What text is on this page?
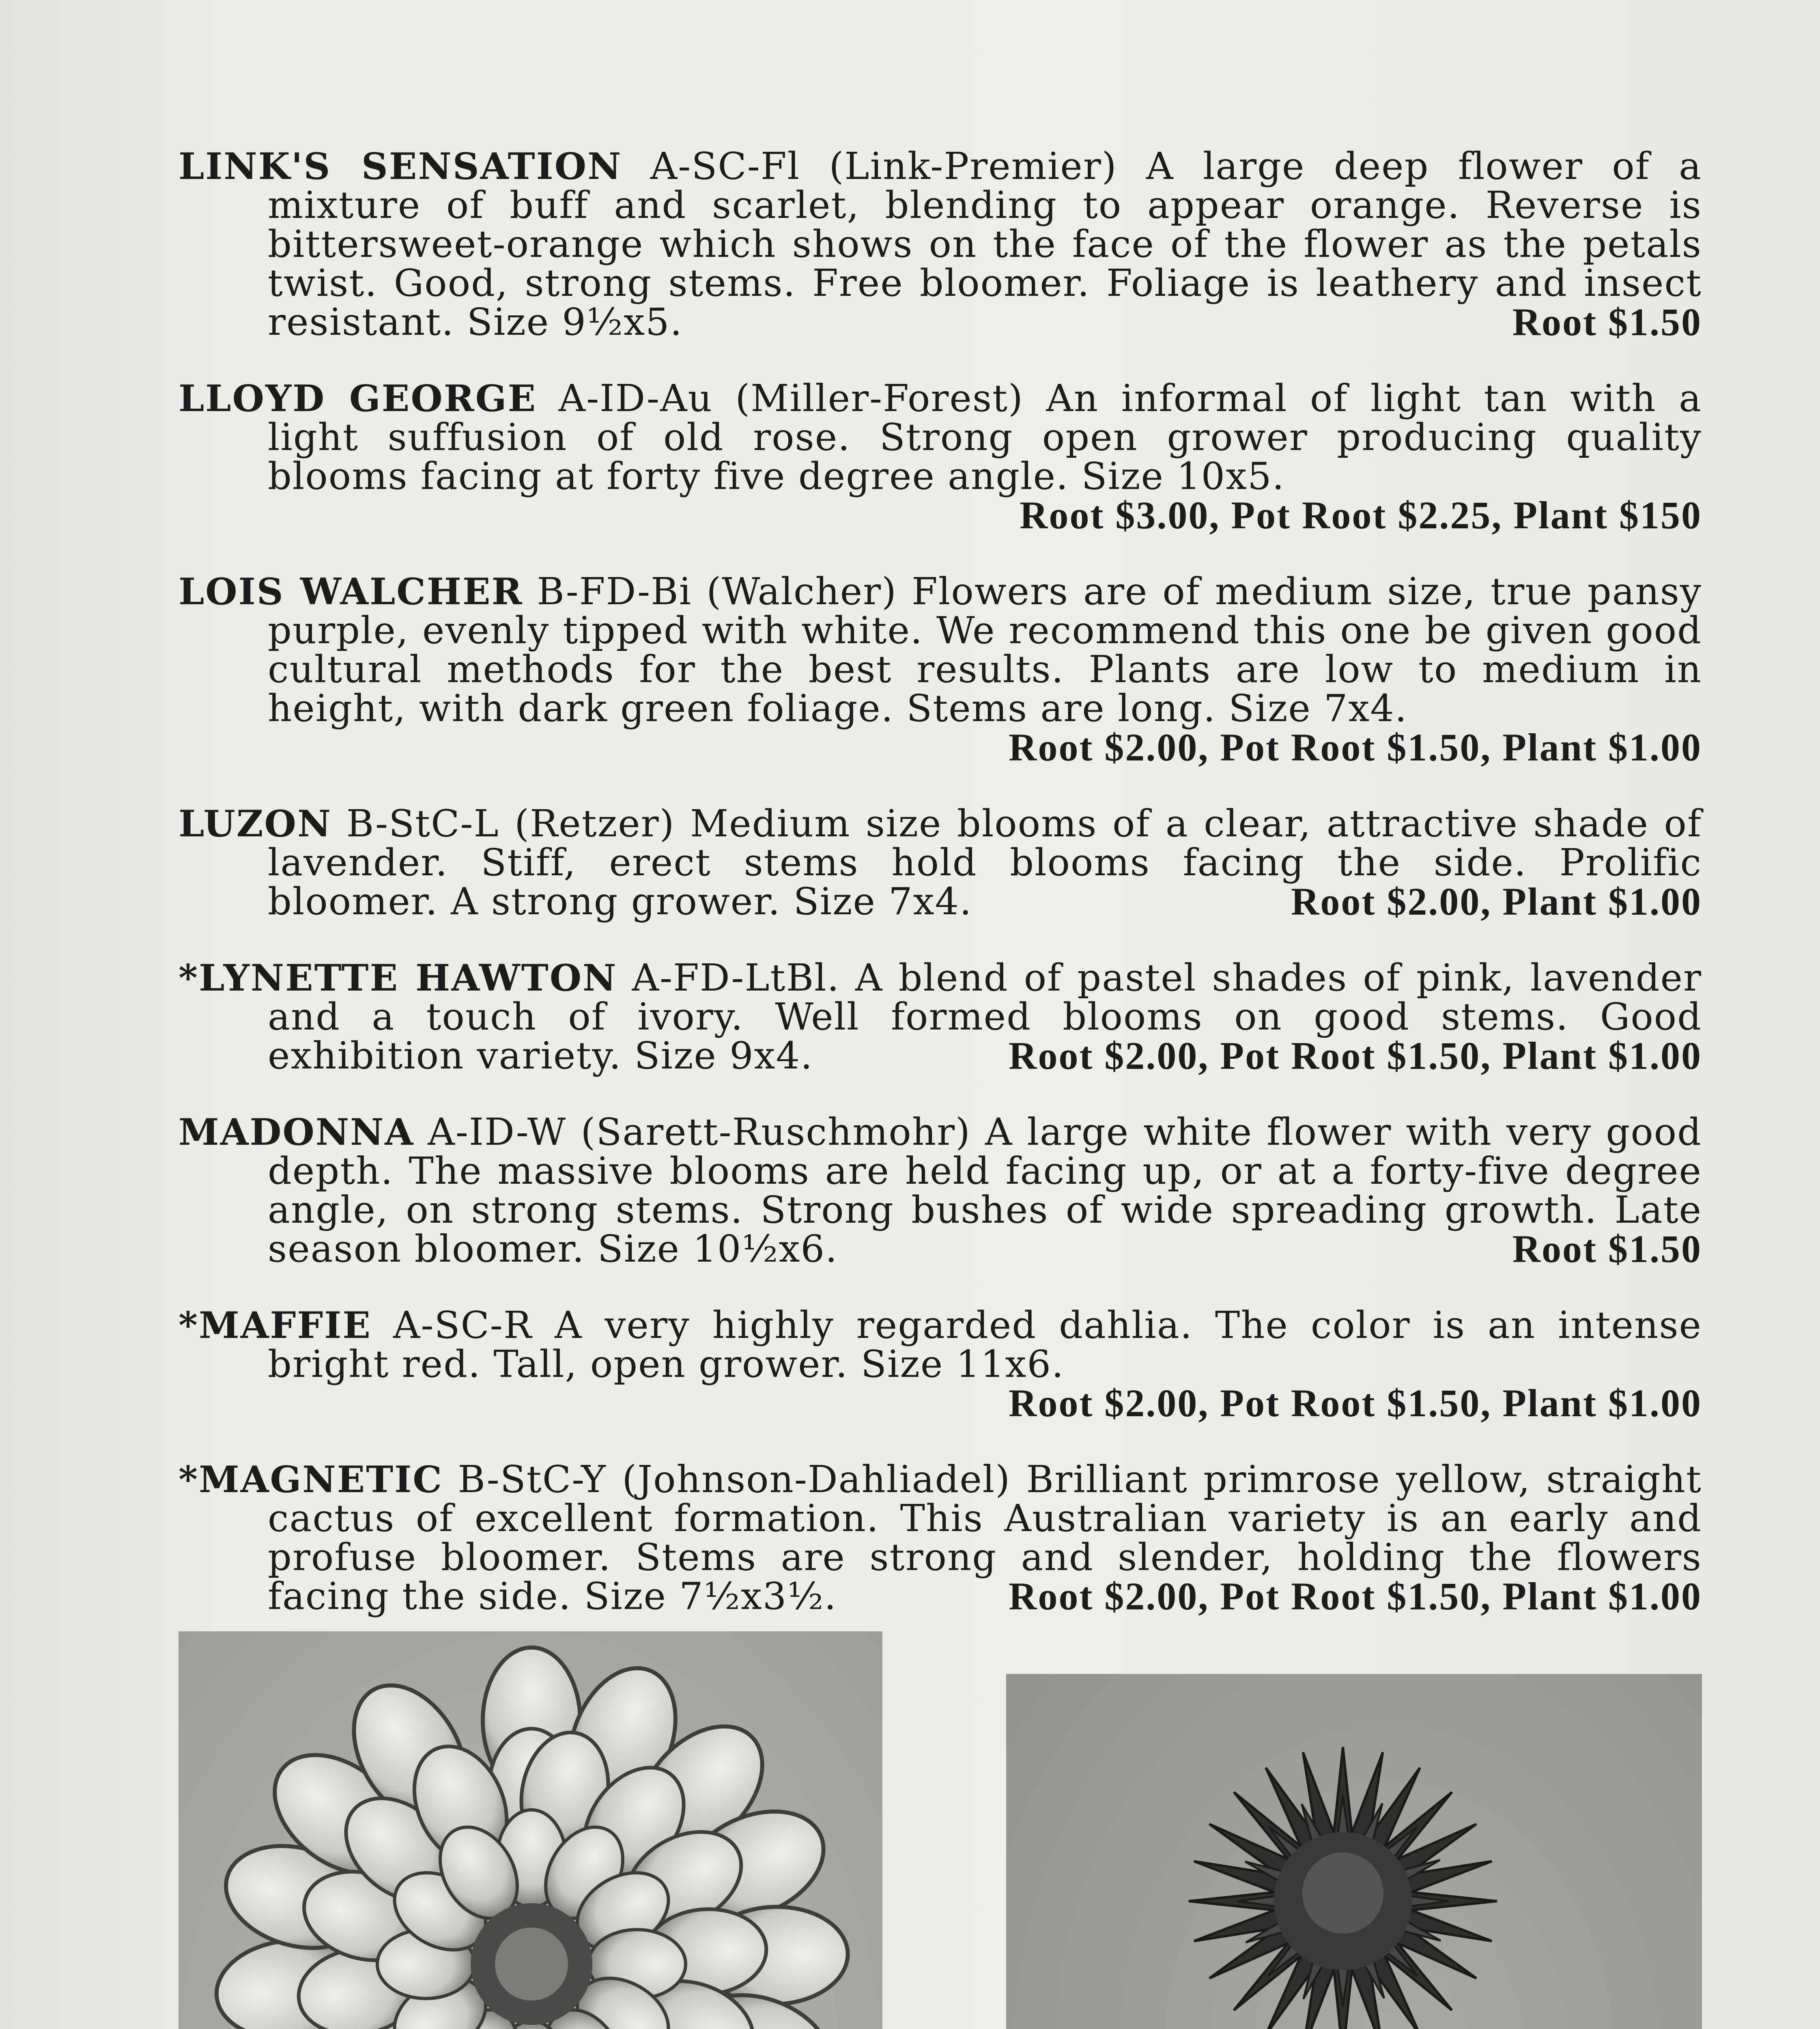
LINK'S SENSATION A-SC-Fl (Link-Premier) A large deep flower of a mixture of buff and scarlet, blending to appear orange. Reverse is bittersweet-orange which shows on the face of the flower as the petals twist. Good, strong stems. Free bloomer. Foliage is leathery and insect resistant. Size 9½x5.	Root $1.50

LLOYD GEORGE A-ID-Au (Miller-Forest) An informal of light tan with a light suffusion of old rose. Strong open grower producing quality blooms facing at forty five degree angle. Size 10x5.
Root $3.00, Pot Root $2.25, Plant $150

LOIS WALCHER B-FD-Bi (Walcher) Flowers are of medium size, true pansy purple, evenly tipped with white. We recommend this one be given good cultural methods for the best results. Plants are low to medium in height, with dark green foliage. Stems are long. Size 7x4.
Root $2.00, Pot Root $1.50, Plant $1.00

LUZON B-StC-L (Retzer) Medium size blooms of a clear, attractive shade of lavender. Stiff, erect stems hold blooms facing the side. Prolific bloomer. A strong grower. Size 7x4.	Root $2.00, Plant $1.00

*LYNETTE HAWTON A-FD-LtBl. A blend of pastel shades of pink, lavender and a touch of ivory. Well formed blooms on good stems. Good exhibition variety. Size 9x4.	Root $2.00, Pot Root $1.50, Plant $1.00

MADONNA A-ID-W (Sarett-Ruschmohr) A large white flower with very good depth. The massive blooms are held facing up, or at a forty-five degree angle, on strong stems. Strong bushes of wide spreading growth. Late season bloomer. Size 10½x6.	Root $1.50

*MAFFIE A-SC-R A very highly regarded dahlia. The color is an intense bright red. Tall, open grower. Size 11x6.
Root $2.00, Pot Root $1.50, Plant $1.00

*MAGNETIC B-StC-Y (Johnson-Dahliadel) Brilliant primrose yellow, straight cactus of excellent formation. This Australian variety is an early and profuse bloomer. Stems are strong and slender, holding the flowers facing the side. Size 7½x3½.	Root $2.00, Pot Root $1.50, Plant $1.00
